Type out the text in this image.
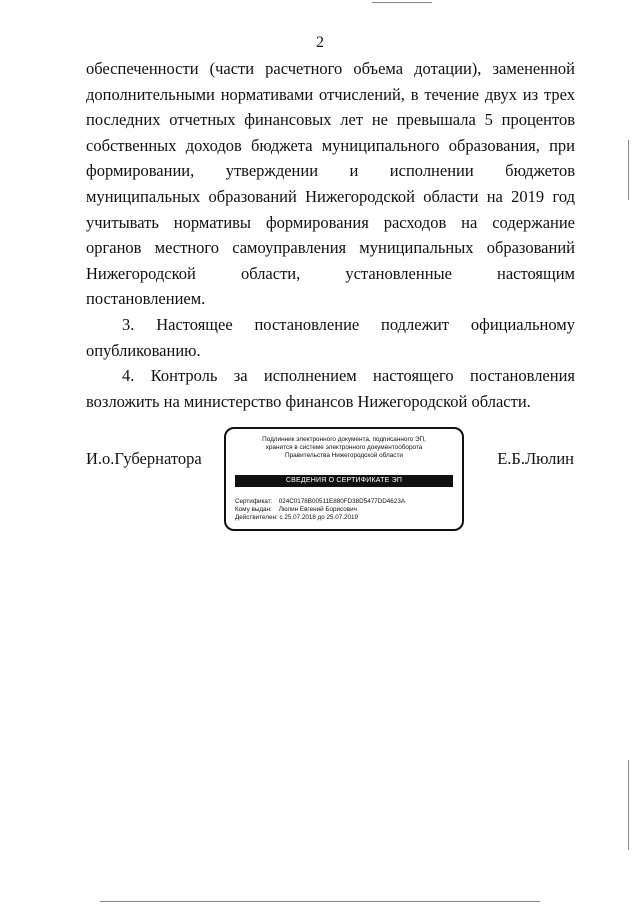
2

обеспеченности (части расчетного объема дотации), замененной дополнительными нормативами отчислений, в течение двух из трех последних отчетных финансовых лет не превышала 5 процентов собственных доходов бюджета муниципального образования, при формировании, утверждении и исполнении бюджетов муниципальных образований Нижегородской области на 2019 год учитывать нормативы формирования расходов на содержание органов местного самоуправления муниципальных образований Нижегородской области, установленные настоящим постановлением.

3. Настоящее постановление подлежит официальному опубликованию.

4. Контроль за исполнением настоящего постановления возложить на министерство финансов Нижегородской области.

И.о.Губернатора	Е.Б.Люлин
Подлинник электронного документа, подписанного ЭП,
хранится в системе электронного документооборота
Правительства Нижегородской области
СВЕДЕНИЯ О СЕРТИФИКАТЕ ЭП
Сертификат: 024C0178B00511E880FD38D5477DD4623A
Кому выдан: Люлин Евгений Борисович
Действителен: с 25.07.2018 до 25.07.2019
